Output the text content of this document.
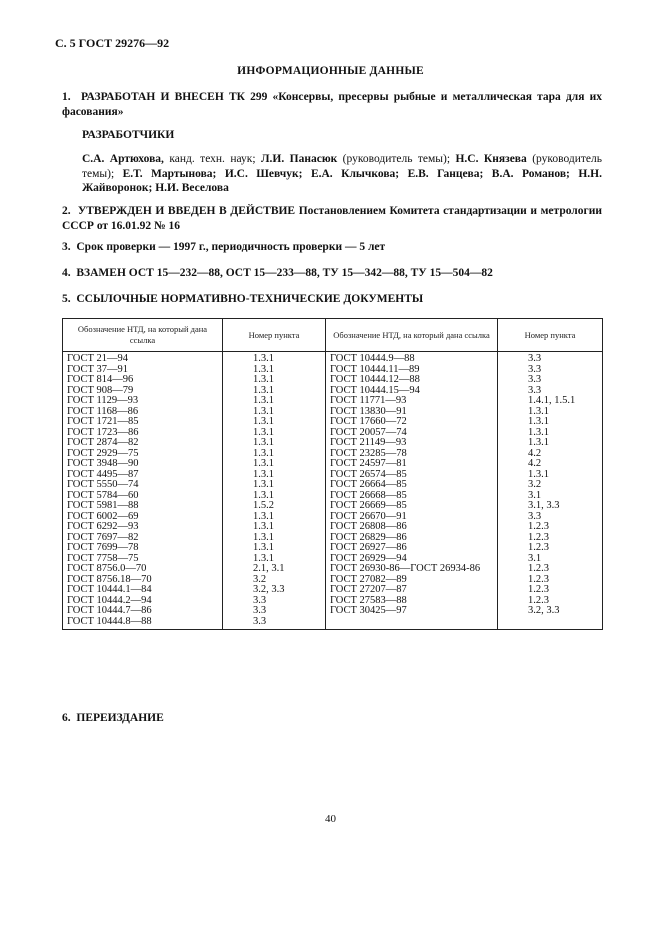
С. 5 ГОСТ 29276—92
ИНФОРМАЦИОННЫЕ ДАННЫЕ
1. РАЗРАБОТАН И ВНЕСЕН ТК 299 «Консервы, пресервы рыбные и металлическая тара для их фасования»
РАЗРАБОТЧИКИ
С.А. Артюхова, канд. техн. наук; Л.И. Панасюк (руководитель темы); Н.С. Князева (руководитель темы); Е.Т. Мартынова; И.С. Шевчук; Е.А. Клычкова; Е.В. Ганцева; В.А. Романов; Н.Н. Жайворонок; Н.И. Веселова
2. УТВЕРЖДЕН И ВВЕДЕН В ДЕЙСТВИЕ Постановлением Комитета стандартизации и метрологии СССР от 16.01.92 № 16
3. Срок проверки — 1997 г., периодичность проверки — 5 лет
4. ВЗАМЕН ОСТ 15—232—88, ОСТ 15—233—88, ТУ 15—342—88, ТУ 15—504—82
5. ССЫЛОЧНЫЕ НОРМАТИВНО-ТЕХНИЧЕСКИЕ ДОКУМЕНТЫ
Обозначение НТД, на который дана ссылка	Номер пункта	Обозначение НТД, на который дана ссылка	Номер пункта
ГОСТ 21—94	1.3.1	ГОСТ 10444.9—88	3.3
ГОСТ 37—91	1.3.1	ГОСТ 10444.11—89	3.3
ГОСТ 814—96	1.3.1	ГОСТ 10444.12—88	3.3
ГОСТ 908—79	1.3.1	ГОСТ 10444.15—94	3.3
ГОСТ 1129—93	1.3.1	ГОСТ 11771—93	1.4.1, 1.5.1
ГОСТ 1168—86	1.3.1	ГОСТ 13830—91	1.3.1
ГОСТ 1721—85	1.3.1	ГОСТ 17660—72	1.3.1
ГОСТ 1723—86	1.3.1	ГОСТ 20057—74	1.3.1
ГОСТ 2874—82	1.3.1	ГОСТ 21149—93	1.3.1
ГОСТ 2929—75	1.3.1	ГОСТ 23285—78	4.2
ГОСТ 3948—90	1.3.1	ГОСТ 24597—81	4.2
ГОСТ 4495—87	1.3.1	ГОСТ 26574—85	1.3.1
ГОСТ 5550—74	1.3.1	ГОСТ 26664—85	3.2
ГОСТ 5784—60	1.3.1	ГОСТ 26668—85	3.1
ГОСТ 5981—88	1.5.2	ГОСТ 26669—85	3.1, 3.3
ГОСТ 6002—69	1.3.1	ГОСТ 26670—91	3.3
ГОСТ 6292—93	1.3.1	ГОСТ 26808—86	1.2.3
ГОСТ 7697—82	1.3.1	ГОСТ 26829—86	1.2.3
ГОСТ 7699—78	1.3.1	ГОСТ 26927—86	1.2.3
ГОСТ 7758—75	1.3.1	ГОСТ 26929—94	3.1
ГОСТ 8756.0—70	2.1, 3.1	ГОСТ 26930-86—ГОСТ 26934-86	1.2.3
ГОСТ 8756.18—70	3.2	ГОСТ 27082—89	1.2.3
ГОСТ 10444.1—84	3.2, 3.3	ГОСТ 27207—87	1.2.3
ГОСТ 10444.2—94	3.3	ГОСТ 27583—88	1.2.3
ГОСТ 10444.7—86	3.3	ГОСТ 30425—97	3.2, 3.3
ГОСТ 10444.8—88	3.3		
6. ПЕРЕИЗДАНИЕ
40
